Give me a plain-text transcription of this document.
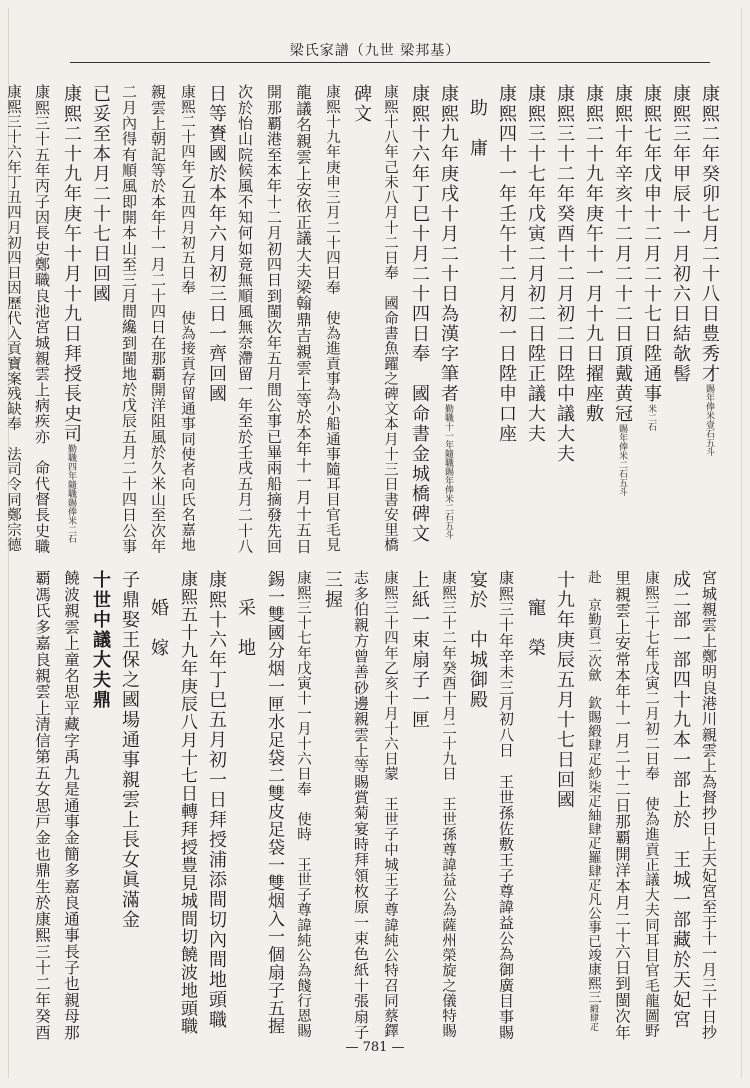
梁氏家譜（九世 梁邦基）
康熙二年癸卯七月二十八日豊秀才賜年俸米壹石五斗
康熙三年甲辰十一月初六日結欹髻
康熙七年戊申十二月二十七日陞通事米二石
康熙十年辛亥十二月二十二日頂戴黄冠賜年俸米二石五斗
康熙二十九年庚午十一月十九日擢座敷
康熙三十二年癸酉十二月初二日陞中議大夫
康熙三十七年戊寅二月初二日陞正議大夫
康熙四十一年壬午十二月初一日陞申口座
助　庸
康熙九年庚戌十月二十日為漢字筆者勤職十一年隨職賜年俸米二石五斗
康熙十六年丁巳十月二十四日奉　國命書金城橋碑文
康熙十八年己未八月十二日奉　國命書魚躍之碑文本月十三日書安里橋
碑文
康熙十九年庚申三月二十四日奉　使為進貢事為小船通事隨耳目官毛見
龍議名親雲上安依正議大夫梁翰鼎吉親雲上等於本年十一月十五日
開那覇港至本年十二月初四日到閩次年五月間公事已畢兩船摘發先回
次於怡山院候風不知何如竟無順風無奈滯留一年至於壬戌五月二十八
日等賚國於本年六月初三日一齊回國
康熙二十四年乙丑四月初五日奉　使為接貢存留通事同使者向氏名嘉地
親雲上朝記等於本年十一月二十四日在那覇開洋阻風於久米山至次年
二月內得有順風即開本山至三月間纔到閩地於戊辰五月二十四日公事
已妥至本月二十七日回國
康熙二十九年庚午十月十九日拜授長史司勤職四年隨職賜俸米二石
康熙三十五年丙子因長史鄭職良池宮城親雲上病疾亦　命代督長史職
康熙三十六年丁丑四月初四日因歷代入貢寶案残缺奉　法司令同鄭宗德
宮城親雲上鄭明良港川親雲上為督抄日上天妃宮至于十一月三十日抄
成二部一部四十九本一部上於　王城一部藏於天妃宮
康熙三十七年戊寅二月初二日奉　使為進貢正議大夫同耳目官毛龍圖野
里親雲上安常本年十一月二十二日那覇開洋本月二十六日到閩次年
赴　京勤貢二次歛　欽賜緞肆疋紗柒疋紬肆疋羅肆疋凡公事已竣康熙三緞肆疋
十九年庚辰五月十七日回國
寵　榮
康熙三十年辛未三月初八日　王世孫佐敷王子尊諱益公為御廣目事賜
宴於　中城御殿
康熙三十二年癸酉十月二十九日　王世孫尊諱益公為薩州榮旋之儀特賜
上紙一束扇子一匣
康熙三十四年乙亥十月十六日蒙　王世子中城王子尊諱純公特召同蔡鐸
志多伯親方曾善砂邊親雲上等賜賞菊宴時拜領枚原一束色紙十張扇子
三握
康熙三十七年戊寅十一月十六日奉　使時　王世子尊諱純公為餞行恩賜
錫一雙國分烟一匣水足袋二雙皮足袋一雙烟入一個扇子五握
采　地
康熙十六年丁巳五月初一日拜授浦添間切內間地頭職
康熙五十九年庚辰八月十七日轉拜授豊見城間切饒波地頭職
婚　嫁
子鼎娶王保之國場通事親雲上長女眞滿金
十世中議大夫鼎
饒波親雲上童名思平藏字禹九是通事金簡多嘉良通事長子也親母那
覇馮氏多嘉良親雲上清信第五女思戸金也鼎生於康熙三十二年癸酉
— 781 —
